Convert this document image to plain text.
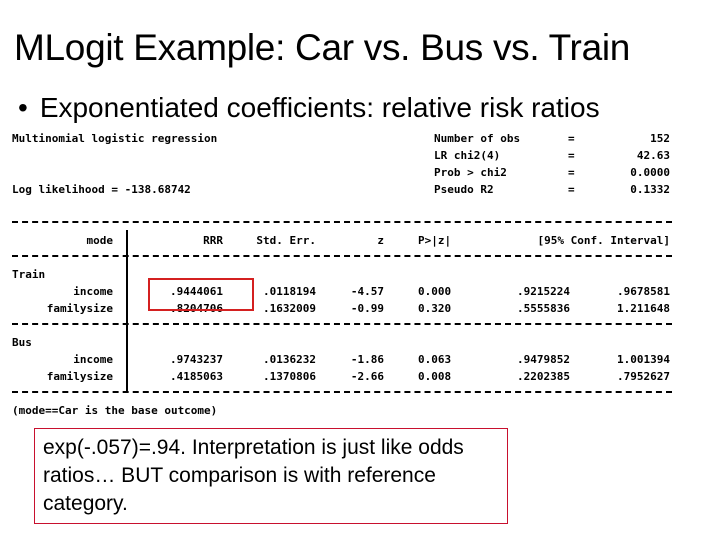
MLogit Example: Car vs. Bus vs. Train
• Exponentiated coefficients: relative risk ratios
Multinomial logistic regression
Log likelihood = -138.68742
Number of obs	=	152
LR chi2(4)	=	42.63
Prob > chi2	=	0.0000
Pseudo R2	=	0.1332
mode	RRR	Std. Err.	z	P>|z|	[95% Conf. Interval]
Train
income	.9444061	.0118194	-4.57	0.000	.9215224	.9678581
familysize	.8204706	.1632009	-0.99	0.320	.5555836	1.211648
Bus
income	.9743237	.0136232	-1.86	0.063	.9479852	1.001394
familysize	.4185063	.1370806	-2.66	0.008	.2202385	.7952627
(mode==Car is the base outcome)
exp(-.057)=.94. Interpretation is just like odds ratios… BUT comparison is with reference category.
